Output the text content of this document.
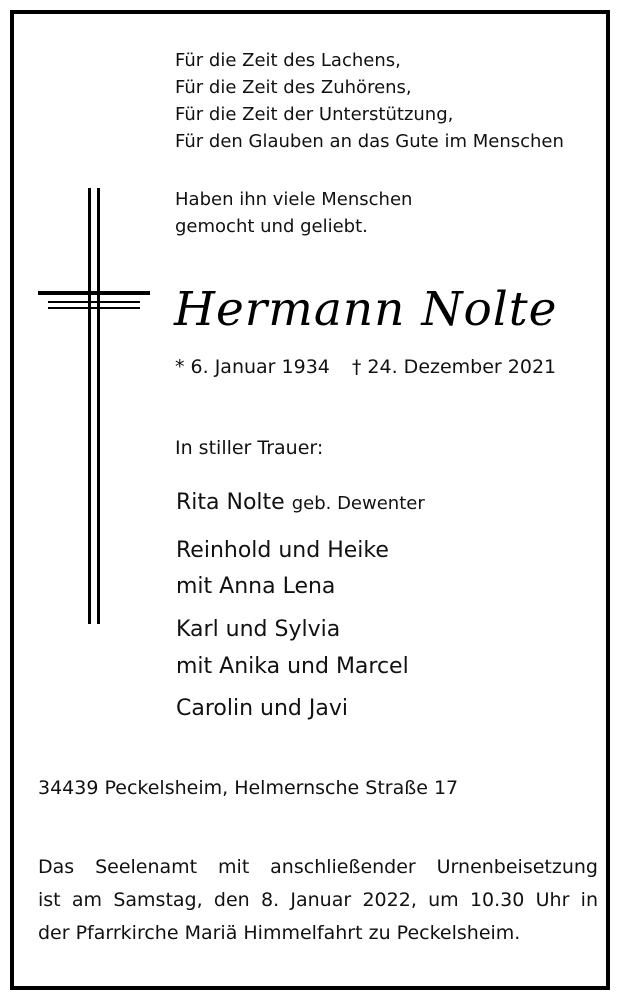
Für die Zeit des Lachens,
Für die Zeit des Zuhörens,
Für die Zeit der Unterstützung,
Für den Glauben an das Gute im Menschen
Haben ihn viele Menschen
gemocht und geliebt.
Hermann Nolte
* 6. Januar 1934 † 24. Dezember 2021
In stiller Trauer:
Rita Nolte geb. Dewenter
Reinhold und Heike
mit Anna Lena
Karl und Sylvia
mit Anika und Marcel
Carolin und Javi
34439 Peckelsheim, Helmernsche Straße 17
Das Seelenamt mit anschließender Urnenbeisetzung
ist am Samstag, den 8. Januar 2022, um 10.30 Uhr in
der Pfarrkirche Mariä Himmelfahrt zu Peckelsheim.
